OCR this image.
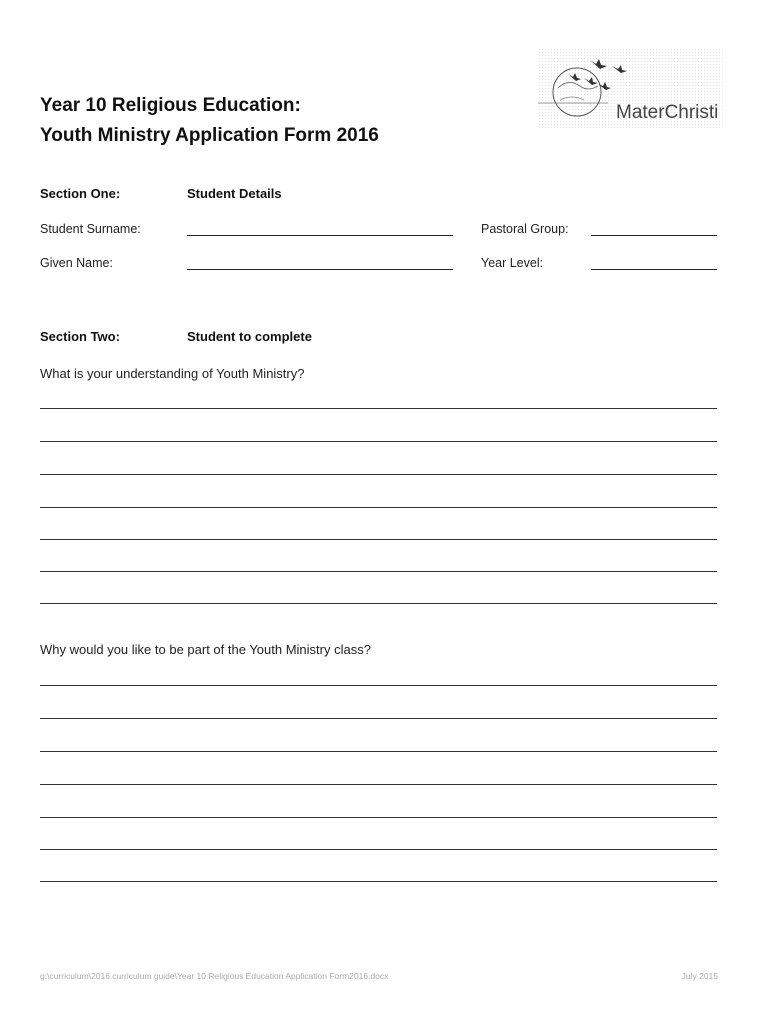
MaterChristi
Year 10 Religious Education:
Youth Ministry Application Form 2016
Section One:	Student Details
Student Surname:	Pastoral Group:
Given Name:	Year Level:
Section Two:	Student to complete
What is your understanding of Youth Ministry?
Why would you like to be part of the Youth Ministry class?
g:\curriculum\2016 curriculum guide\Year 10 Religious Education Application Form2016.docx	July 2015
